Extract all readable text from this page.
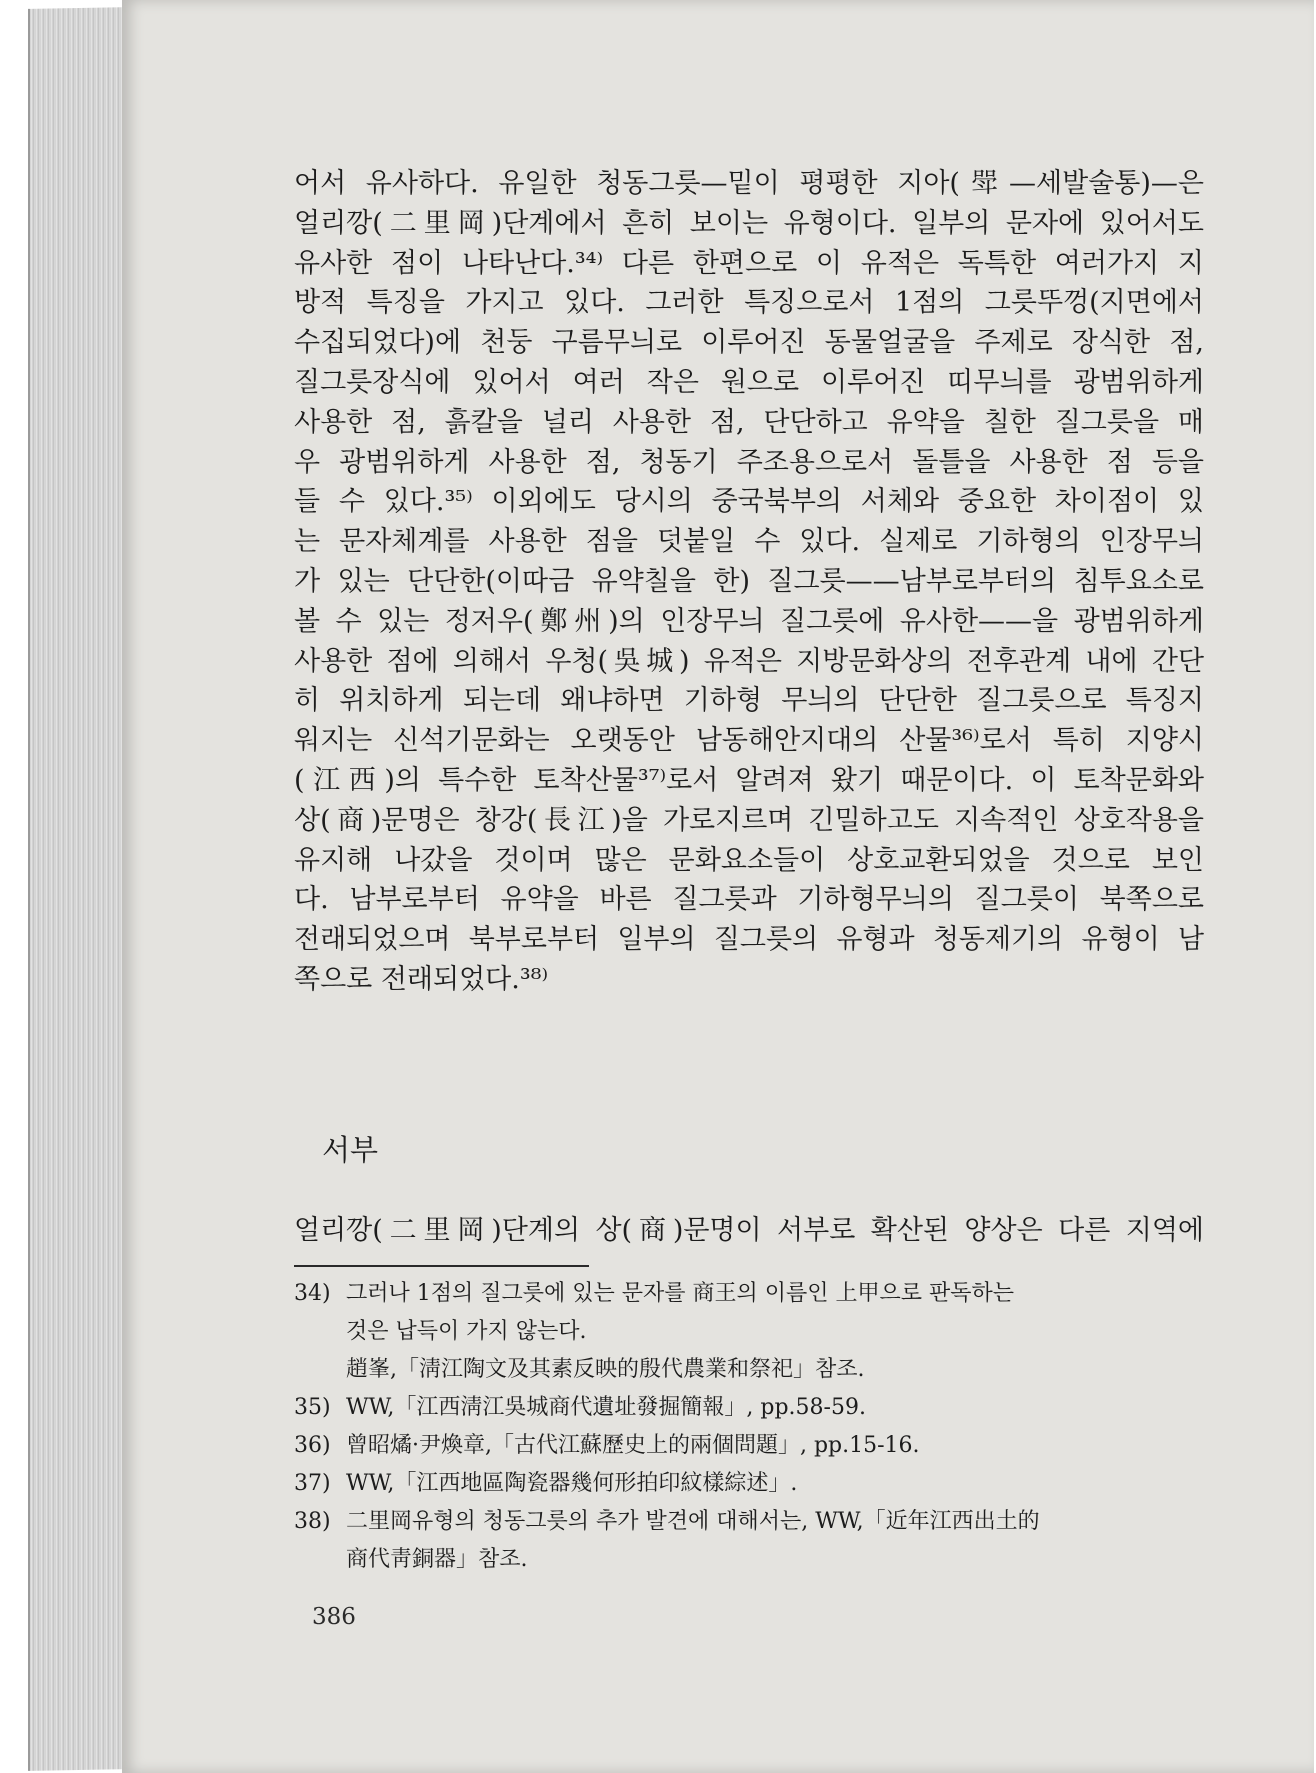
어서 유사하다. 유일한 청동그릇—밑이 평평한 지아(斝—세발술통)—은
얼리깡(二里岡)단계에서 흔히 보이는 유형이다. 일부의 문자에 있어서도
유사한 점이 나타난다.³⁴⁾ 다른 한편으로 이 유적은 독특한 여러가지 지
방적 특징을 가지고 있다. 그러한 특징으로서 1점의 그릇뚜껑(지면에서
수집되었다)에 천둥 구름무늬로 이루어진 동물얼굴을 주제로 장식한 점,
질그릇장식에 있어서 여러 작은 원으로 이루어진 띠무늬를 광범위하게
사용한 점, 흙칼을 널리 사용한 점, 단단하고 유약을 칠한 질그릇을 매
우 광범위하게 사용한 점, 청동기 주조용으로서 돌틀을 사용한 점 등을
들 수 있다.³⁵⁾ 이외에도 당시의 중국북부의 서체와 중요한 차이점이 있
는 문자체계를 사용한 점을 덧붙일 수 있다. 실제로 기하형의 인장무늬
가 있는 단단한(이따금 유약칠을 한) 질그릇——남부로부터의 침투요소로
볼 수 있는 정저우(鄭州)의 인장무늬 질그릇에 유사한——을 광범위하게
사용한 점에 의해서 우청(吳城) 유적은 지방문화상의 전후관계 내에 간단
히 위치하게 되는데 왜냐하면 기하형 무늬의 단단한 질그릇으로 특징지
워지는 신석기문화는 오랫동안 남동해안지대의 산물³⁶⁾로서 특히 지양시
(江西)의 특수한 토착산물³⁷⁾로서 알려져 왔기 때문이다. 이 토착문화와
상(商)문명은 창강(長江)을 가로지르며 긴밀하고도 지속적인 상호작용을
유지해 나갔을 것이며 많은 문화요소들이 상호교환되었을 것으로 보인
다. 남부로부터 유약을 바른 질그릇과 기하형무늬의 질그릇이 북쪽으로
전래되었으며 북부로부터 일부의 질그릇의 유형과 청동제기의 유형이 남
쪽으로 전래되었다.³⁸⁾
서부
얼리깡(二里岡)단계의 상(商)문명이 서부로 확산된 양상은 다른 지역에
34) 그러나 1점의 질그릇에 있는 문자를 商王의 이름인 上甲으로 판독하는
것은 납득이 가지 않는다.
趙峯,「淸江陶文及其素反映的殷代農業和祭祀」참조.
35) WW,「江西淸江吳城商代遺址發掘簡報」, pp.58-59.
36) 曾昭燏·尹煥章,「古代江蘇歷史上的兩個問題」, pp.15-16.
37) WW,「江西地區陶瓷器幾何形拍印紋樣綜述」.
38) 二里岡유형의 청동그릇의 추가 발견에 대해서는, WW,「近年江西出土的
商代靑銅器」참조.
386
